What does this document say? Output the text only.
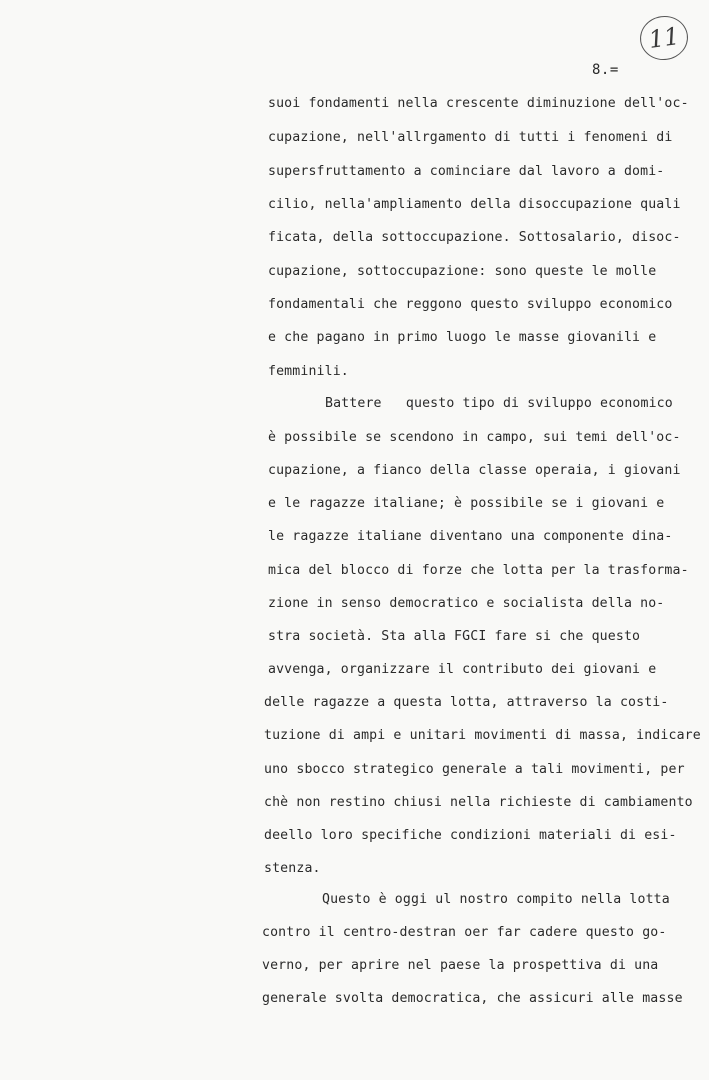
11
8.=
suoi fondamenti nella crescente diminuzione dell'oc-
cupazione, nell'allrgamento di tutti i fenomeni di
supersfruttamento a cominciare dal lavoro a domi-
cilio, nella'ampliamento della disoccupazione quali
ficata, della sottoccupazione. Sottosalario, disoc-
cupazione, sottoccupazione: sono queste le molle
fondamentali che reggono questo sviluppo economico
e che pagano in primo luogo le masse giovanili e
femminili.
Battere   questo tipo di sviluppo economico
è possibile se scendono in campo, sui temi dell'oc-
cupazione, a fianco della classe operaia, i giovani
e le ragazze italiane; è possibile se i giovani e
le ragazze italiane diventano una componente dina-
mica del blocco di forze che lotta per la trasforma-
zione in senso democratico e socialista della no-
stra società. Sta alla FGCI fare si che questo
avvenga, organizzare il contributo dei giovani e
delle ragazze a questa lotta, attraverso la costi-
tuzione di ampi e unitari movimenti di massa, indicare
uno sbocco strategico generale a tali movimenti, per
chè non restino chiusi nella richieste di cambiamento
deello loro specifiche condizioni materiali di esi-
stenza.
Questo è oggi ul nostro compito nella lotta
contro il centro-destran oer far cadere questo go-
verno, per aprire nel paese la prospettiva di una
generale svolta democratica, che assicuri alle masse
